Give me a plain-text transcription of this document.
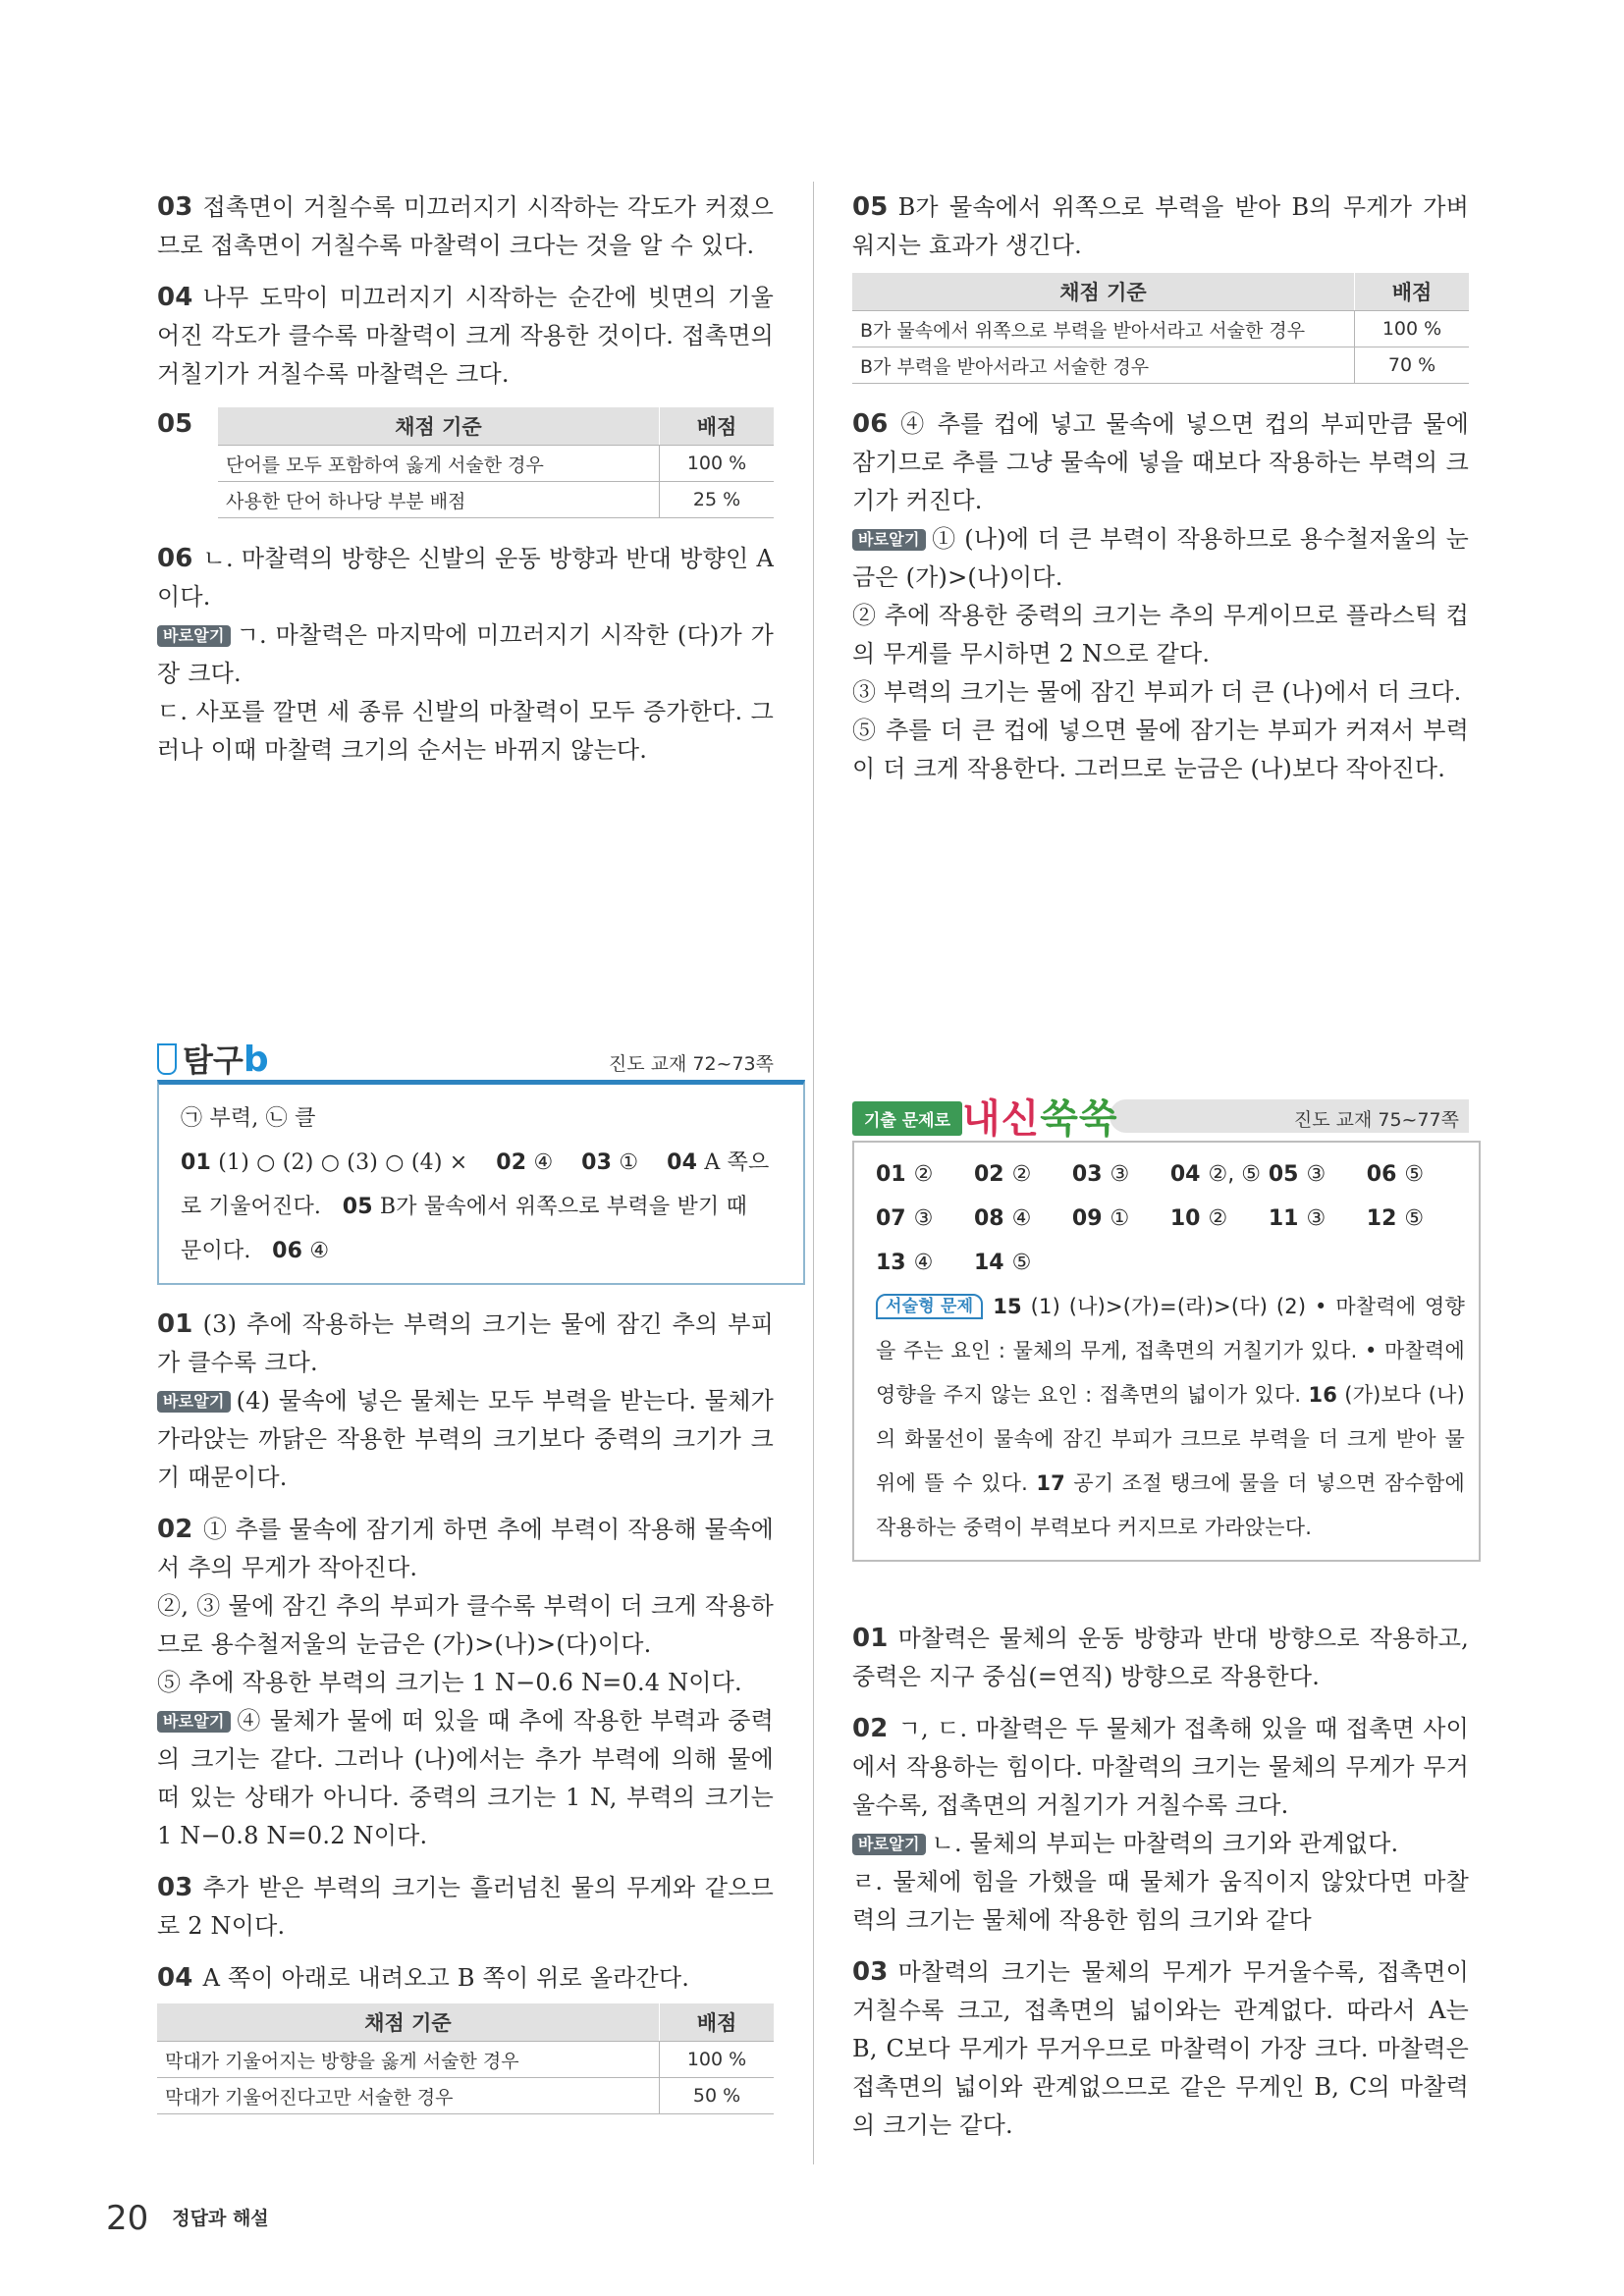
03 접촉면이 거칠수록 미끄러지기 시작하는 각도가 커졌으므로 접촉면이 거칠수록 마찰력이 크다는 것을 알 수 있다.

04 나무 도막이 미끄러지기 시작하는 순간에 빗면의 기울어진 각도가 클수록 마찰력이 크게 작용한 것이다. 접촉면의 거칠기가 거칠수록 마찰력은 크다.

05	채점 기준	배점
단어를 모두 포함하여 옳게 서술한 경우	100 %
사용한 단어 하나당 부분 배점	25 %

06 ㄴ. 마찰력의 방향은 신발의 운동 방향과 반대 방향인 A이다.

바로알기 ㄱ. 마찰력은 마지막에 미끄러지기 시작한 (다)가 가장 크다.

ㄷ. 사포를 깔면 세 종류 신발의 마찰력이 모두 증가한다. 그러나 이때 마찰력 크기의 순서는 바뀌지 않는다.

탐구b	진도 교재 72~73쪽

㉠ 부력, ㉡ 클

01 (1) ○ (2) ○ (3) ○ (4) × 02 ④ 03 ① 04 A 쪽으

로 기울어진다. 05 B가 물속에서 위쪽으로 부력을 받기 때

문이다. 06 ④

01 (3) 추에 작용하는 부력의 크기는 물에 잠긴 추의 부피가 클수록 크다.

바로알기 (4) 물속에 넣은 물체는 모두 부력을 받는다. 물체가 가라앉는 까닭은 작용한 부력의 크기보다 중력의 크기가 크기 때문이다.

02 ① 추를 물속에 잠기게 하면 추에 부력이 작용해 물속에서 추의 무게가 작아진다.

②, ③ 물에 잠긴 추의 부피가 클수록 부력이 더 크게 작용하므로 용수철저울의 눈금은 (가)>(나)>(다)이다.

⑤ 추에 작용한 부력의 크기는 1 N−0.6 N=0.4 N이다.

바로알기 ④ 물체가 물에 떠 있을 때 추에 작용한 부력과 중력의 크기는 같다. 그러나 (나)에서는 추가 부력에 의해 물에 떠 있는 상태가 아니다. 중력의 크기는 1 N, 부력의 크기는 1 N−0.8 N=0.2 N이다.

03 추가 받은 부력의 크기는 흘러넘친 물의 무게와 같으므로 2 N이다.

04 A 쪽이 아래로 내려오고 B 쪽이 위로 올라간다.

채점 기준	배점
막대가 기울어지는 방향을 옳게 서술한 경우	100 %
막대가 기울어진다고만 서술한 경우	50 %

05 B가 물속에서 위쪽으로 부력을 받아 B의 무게가 가벼워지는 효과가 생긴다.

채점 기준	배점
B가 물속에서 위쪽으로 부력을 받아서라고 서술한 경우	100 %
B가 부력을 받아서라고 서술한 경우	70 %

06 ④ 추를 컵에 넣고 물속에 넣으면 컵의 부피만큼 물에 잠기므로 추를 그냥 물속에 넣을 때보다 작용하는 부력의 크기가 커진다.

바로알기 ① (나)에 더 큰 부력이 작용하므로 용수철저울의 눈금은 (가)>(나)이다.

② 추에 작용한 중력의 크기는 추의 무게이므로 플라스틱 컵의 무게를 무시하면 2 N으로 같다.

③ 부력의 크기는 물에 잠긴 부피가 더 큰 (나)에서 더 크다.

⑤ 추를 더 큰 컵에 넣으면 물에 잠기는 부피가 커져서 부력이 더 크게 작용한다. 그러므로 눈금은 (나)보다 작아진다.

기출 문제로 내신쑥쑥	진도 교재 75~77쪽
01 ②	02 ②	03 ③	04 ②, ⑤ 05 ③	06 ⑤
07 ③	08 ④	09 ①	10 ②	11 ③	12 ⑤
13 ④	14 ⑤

서술형 문제 15 (1) (나)>(가)=(라)>(다) (2) • 마찰력에 영향을 주는 요인 : 물체의 무게, 접촉면의 거칠기가 있다. • 마찰력에 영향을 주지 않는 요인 : 접촉면의 넓이가 있다. 16 (가)보다 (나)의 화물선이 물속에 잠긴 부피가 크므로 부력을 더 크게 받아 물 위에 뜰 수 있다. 17 공기 조절 탱크에 물을 더 넣으면 잠수함에 작용하는 중력이 부력보다 커지므로 가라앉는다.

01 마찰력은 물체의 운동 방향과 반대 방향으로 작용하고, 중력은 지구 중심(=연직) 방향으로 작용한다.

02 ㄱ, ㄷ. 마찰력은 두 물체가 접촉해 있을 때 접촉면 사이에서 작용하는 힘이다. 마찰력의 크기는 물체의 무게가 무거울수록, 접촉면의 거칠기가 거칠수록 크다.

바로알기 ㄴ. 물체의 부피는 마찰력의 크기와 관계없다.

ㄹ. 물체에 힘을 가했을 때 물체가 움직이지 않았다면 마찰력의 크기는 물체에 작용한 힘의 크기와 같다

03 마찰력의 크기는 물체의 무게가 무거울수록, 접촉면이 거칠수록 크고, 접촉면의 넓이와는 관계없다. 따라서 A는 B, C보다 무게가 무거우므로 마찰력이 가장 크다. 마찰력은 접촉면의 넓이와 관계없으므로 같은 무게인 B, C의 마찰력의 크기는 같다.

20 정답과 해설
